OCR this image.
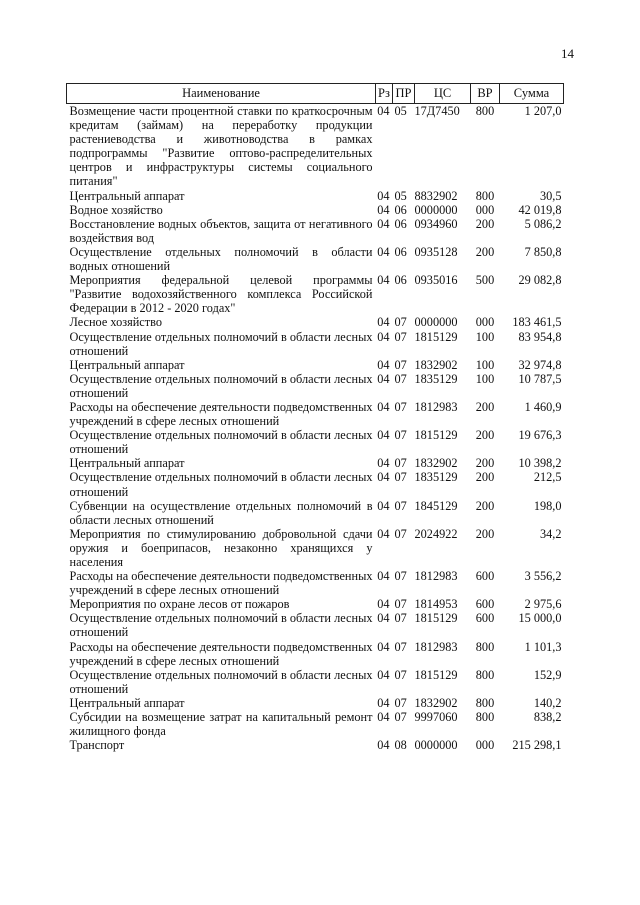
14
Наименование	Рз	ПР	ЦС	ВР	Сумма
Возмещение части процентной ставки по краткосрочным кредитам (займам) на переработку продукции растениеводства и животноводства в рамках подпрограммы "Развитие оптово-распределительных центров и инфраструктуры системы социального питания"	04	05	17Д7450	800	1 207,0
Центральный аппарат	04	05	8832902	800	30,5
Водное хозяйство	04	06	0000000	000	42 019,8
Восстановление водных объектов, защита от негативного воздействия вод	04	06	0934960	200	5 086,2
Осуществление отдельных полномочий в области водных отношений	04	06	0935128	200	7 850,8
Мероприятия федеральной целевой программы "Развитие водохозяйственного комплекса Российской Федерации в 2012 - 2020 годах"	04	06	0935016	500	29 082,8
Лесное хозяйство	04	07	0000000	000	183 461,5
Осуществление отдельных полномочий в области лесных отношений	04	07	1815129	100	83 954,8
Центральный аппарат	04	07	1832902	100	32 974,8
Осуществление отдельных полномочий в области лесных отношений	04	07	1835129	100	10 787,5
Расходы на обеспечение деятельности подведомственных учреждений в сфере лесных отношений	04	07	1812983	200	1 460,9
Осуществление отдельных полномочий в области лесных отношений	04	07	1815129	200	19 676,3
Центральный аппарат	04	07	1832902	200	10 398,2
Осуществление отдельных полномочий в области лесных отношений	04	07	1835129	200	212,5
Субвенции на осуществление отдельных полномочий в области лесных отношений	04	07	1845129	200	198,0
Мероприятия по стимулированию добровольной сдачи оружия и боеприпасов, незаконно хранящихся у населения	04	07	2024922	200	34,2
Расходы на обеспечение деятельности подведомственных учреждений в сфере лесных отношений	04	07	1812983	600	3 556,2
Мероприятия по охране лесов от пожаров	04	07	1814953	600	2 975,6
Осуществление отдельных полномочий в области лесных отношений	04	07	1815129	600	15 000,0
Расходы на обеспечение деятельности подведомственных учреждений в сфере лесных отношений	04	07	1812983	800	1 101,3
Осуществление отдельных полномочий в области лесных отношений	04	07	1815129	800	152,9
Центральный аппарат	04	07	1832902	800	140,2
Субсидии на возмещение затрат на капитальный ремонт жилищного фонда	04	07	9997060	800	838,2
Транспорт	04	08	0000000	000	215 298,1
